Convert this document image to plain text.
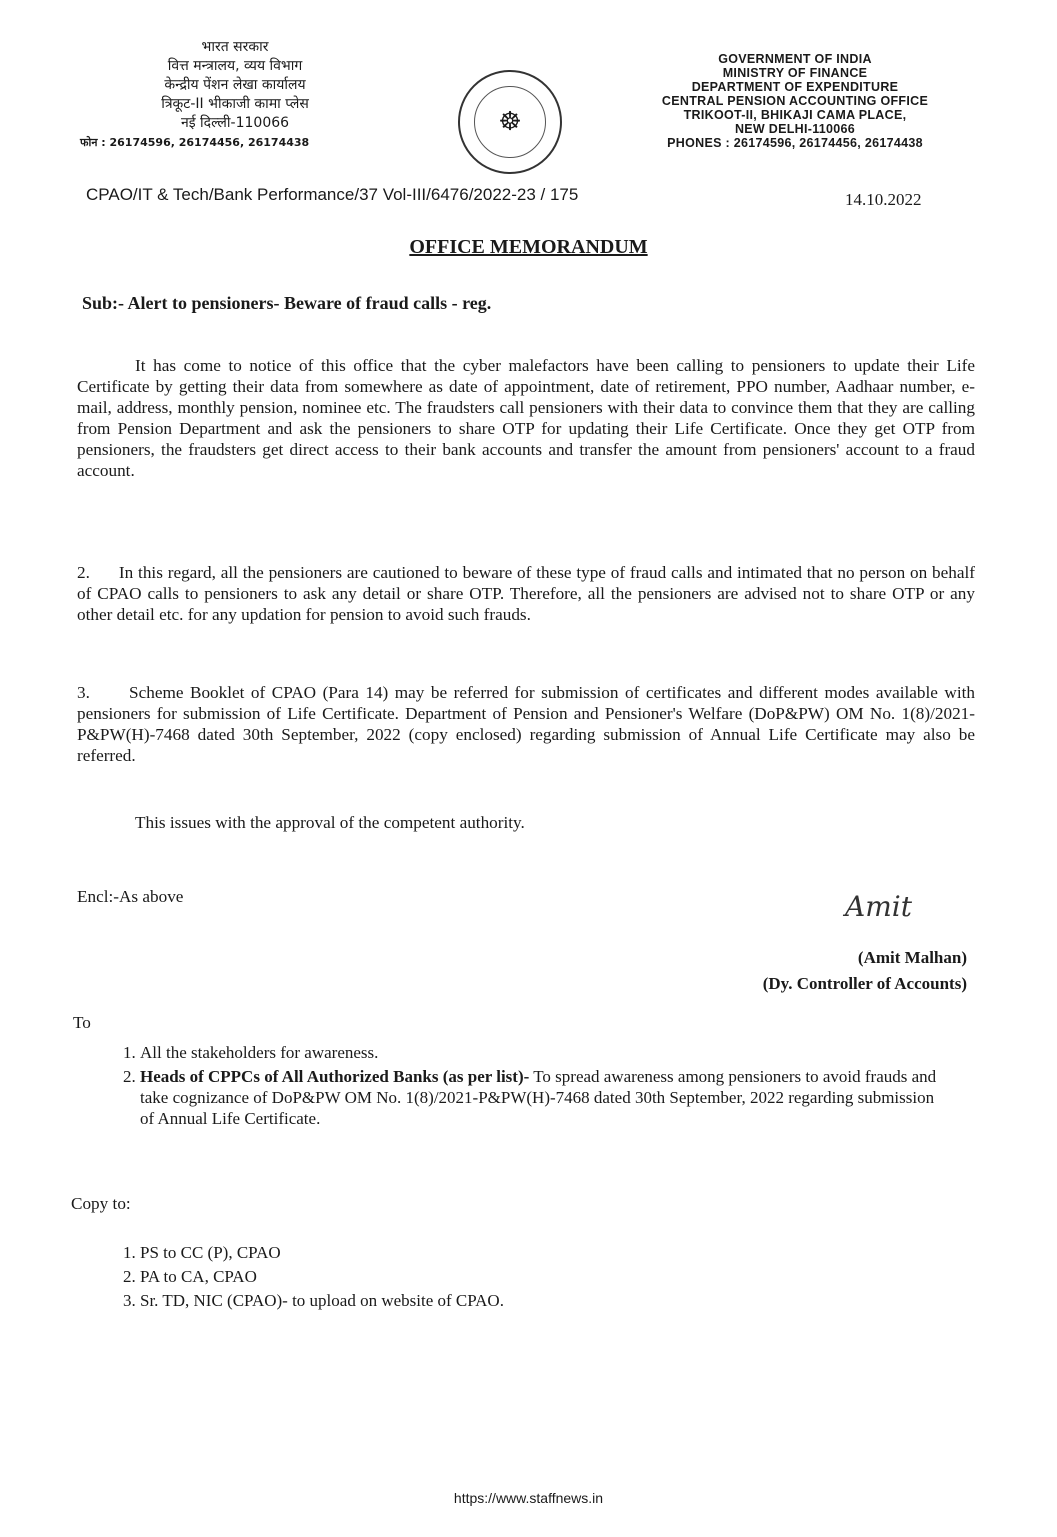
भारत सरकार
वित्त मन्त्रालय, व्यय विभाग
केन्द्रीय पेंशन लेखा कार्यालय
त्रिकूट-II भीकाजी कामा प्लेस
नई दिल्ली-110066
फोन : 26174596, 26174456, 26174438
☸
GOVERNMENT OF INDIA
MINISTRY OF FINANCE
DEPARTMENT OF EXPENDITURE
CENTRAL PENSION ACCOUNTING OFFICE
TRIKOOT-II, BHIKAJI CAMA PLACE,
NEW DELHI-110066
PHONES : 26174596, 26174456, 26174438
CPAO/IT & Tech/Bank Performance/37 Vol-III/6476/2022-23 / 175	14.10.2022
OFFICE MEMORANDUM
Sub:- Alert to pensioners- Beware of fraud calls - reg.
It has come to notice of this office that the cyber malefactors have been calling to pensioners to update their Life Certificate by getting their data from somewhere as date of appointment, date of retirement, PPO number, Aadhaar number, e-mail, address, monthly pension, nominee etc. The fraudsters call pensioners with their data to convince them that they are calling from Pension Department and ask the pensioners to share OTP for updating their Life Certificate. Once they get OTP from pensioners, the fraudsters get direct access to their bank accounts and transfer the amount from pensioners' account to a fraud account.
2.      In this regard, all the pensioners are cautioned to beware of these type of fraud calls and intimated that no person on behalf of CPAO calls to pensioners to ask any detail or share OTP. Therefore, all the pensioners are advised not to share OTP or any other detail etc. for any updation for pension to avoid such frauds.
3.      Scheme Booklet of CPAO (Para 14) may be referred for submission of certificates and different modes available with pensioners for submission of Life Certificate. Department of Pension and Pensioner's Welfare (DoP&PW) OM No. 1(8)/2021-P&PW(H)-7468 dated 30th September, 2022 (copy enclosed) regarding submission of Annual Life Certificate may also be referred.
This issues with the approval of the competent authority.
Encl:-As above	Amit
(Amit Malhan)
(Dy. Controller of Accounts)
To
1. All the stakeholders for awareness.
2. Heads of CPPCs of All Authorized Banks (as per list)- To spread awareness among pensioners to avoid frauds and take cognizance of DoP&PW OM No. 1(8)/2021-P&PW(H)-7468 dated 30th September, 2022 regarding submission of Annual Life Certificate.
Copy to:
1. PS to CC (P), CPAO
2. PA to CA, CPAO
3. Sr. TD, NIC (CPAO)- to upload on website of CPAO.
https://www.staffnews.in
